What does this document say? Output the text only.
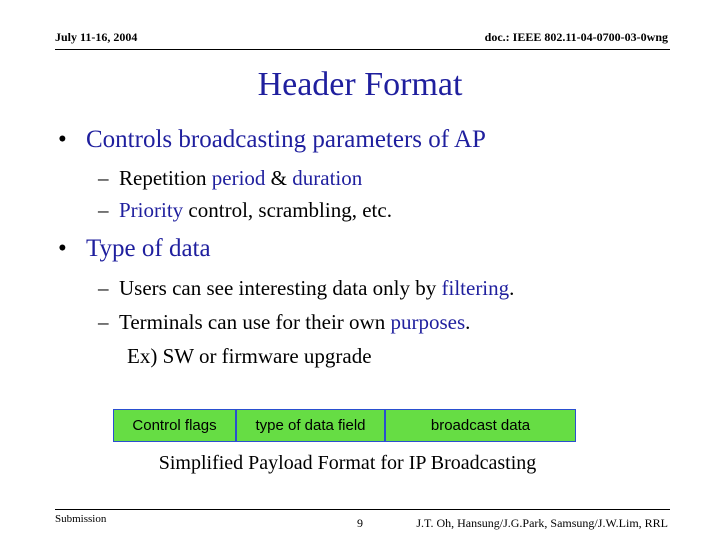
July 11-16, 2004	doc.: IEEE 802.11-04-0700-03-0wng
Header Format
• Controls broadcasting parameters of AP
– Repetition period & duration
– Priority control, scrambling, etc.
• Type of data
– Users can see interesting data only by filtering.
– Terminals can use for their own purposes.
Ex) SW or firmware upgrade
Control flags	type of data field	broadcast data
Simplified Payload Format for IP Broadcasting
Submission	9	J.T. Oh, Hansung/J.G.Park, Samsung/J.W.Lim, RRL
